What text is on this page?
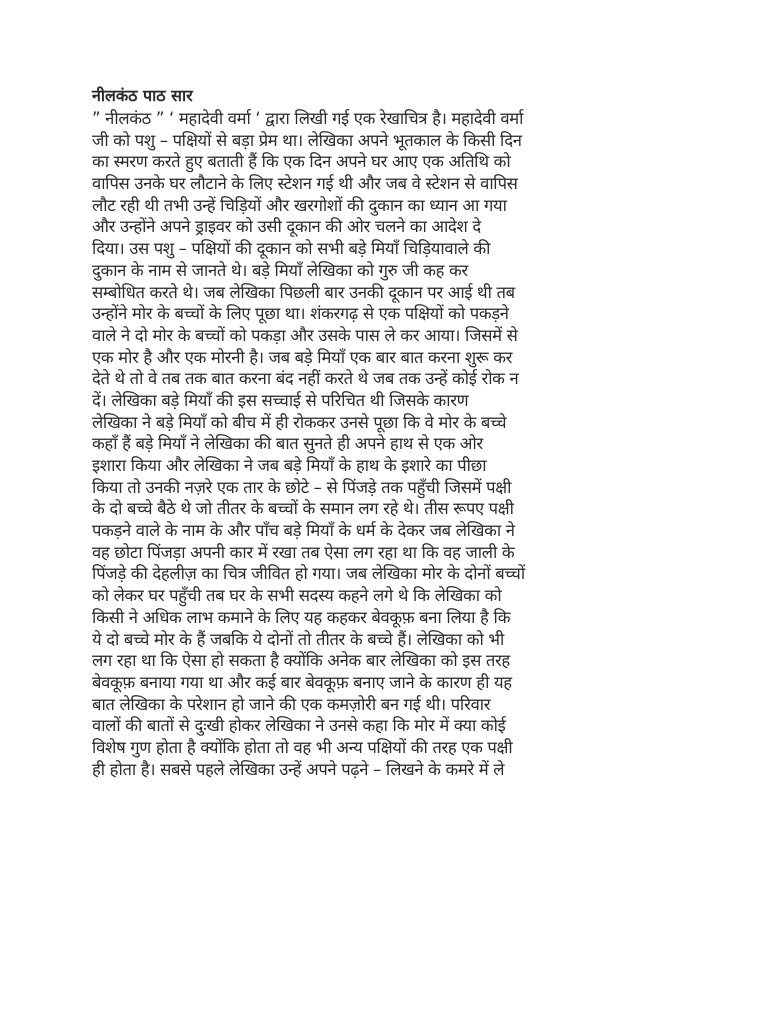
नीलकंठ पाठ सार
” नीलकंठ ” ‘ महादेवी वर्मा ‘ द्वारा लिखी गई एक रेखाचित्र है। महादेवी वर्मा
जी को पशु – पक्षियों से बड़ा प्रेम था। लेखिका अपने भूतकाल के किसी दिन
का स्मरण करते हुए बताती हैं कि एक दिन अपने घर आए एक अतिथि को
वापिस उनके घर लौटाने के लिए स्टेशन गई थी और जब वे स्टेशन से वापिस
लौट रही थी तभी उन्हें चिड़ियों और खरगोशों की दुकान का ध्यान आ गया
और उन्होंने अपने ड्राइवर को उसी दूकान की ओर चलने का आदेश दे
दिया। उस पशु – पक्षियों की दूकान को सभी बड़े मियाँ चिड़ियावाले की
दुकान के नाम से जानते थे। बड़े मियाँ लेखिका को गुरु जी कह कर
सम्बोधित करते थे। जब लेखिका पिछली बार उनकी दूकान पर आई थी तब
उन्होंने मोर के बच्चों के लिए पूछा था। शंकरगढ़ से एक पक्षियों को पकड़ने
वाले ने दो मोर के बच्चों को पकड़ा और उसके पास ले कर आया। जिसमें से
एक मोर है और एक मोरनी है। जब बड़े मियाँ एक बार बात करना शुरू कर
देते थे तो वे तब तक बात करना बंद नहीं करते थे जब तक उन्हें कोई रोक न
दें। लेखिका बड़े मियाँ की इस सच्चाई से परिचित थी जिसके कारण
लेखिका ने बड़े मियाँ को बीच में ही रोककर उनसे पूछा कि वे मोर के बच्चे
कहाँ हैं बड़े मियाँ ने लेखिका की बात सुनते ही अपने हाथ से एक ओर
इशारा किया और लेखिका ने जब बड़े मियाँ के हाथ के इशारे का पीछा
किया तो उनकी नज़रे एक तार के छोटे – से पिंजड़े तक पहुँची जिसमें पक्षी
के दो बच्चे बैठे थे जो तीतर के बच्चों के समान लग रहे थे। तीस रूपए पक्षी
पकड़ने वाले के नाम के और पाँच बड़े मियाँ के धर्म के देकर जब लेखिका ने
वह छोटा पिंजड़ा अपनी कार में रखा तब ऐसा लग रहा था कि वह जाली के
पिंजड़े की देहलीज़ का चित्र जीवित हो गया। जब लेखिका मोर के दोनों बच्चों
को लेकर घर पहुँची तब घर के सभी सदस्य कहने लगे थे कि लेखिका को
किसी ने अधिक लाभ कमाने के लिए यह कहकर बेवकूफ़ बना लिया है कि
ये दो बच्चे मोर के हैं जबकि ये दोनों तो तीतर के बच्चे हैं। लेखिका को भी
लग रहा था कि ऐसा हो सकता है क्योंकि अनेक बार लेखिका को इस तरह
बेवकूफ़ बनाया गया था और कई बार बेवकूफ़ बनाए जाने के कारण ही यह
बात लेखिका के परेशान हो जाने की एक कमज़ोरी बन गई थी। परिवार
वालों की बातों से दुःखी होकर लेखिका ने उनसे कहा कि मोर में क्या कोई
विशेष गुण होता है क्योंकि होता तो वह भी अन्य पक्षियों की तरह एक पक्षी
ही होता है। सबसे पहले लेखिका उन्हें अपने पढ़ने – लिखने के कमरे में ले
